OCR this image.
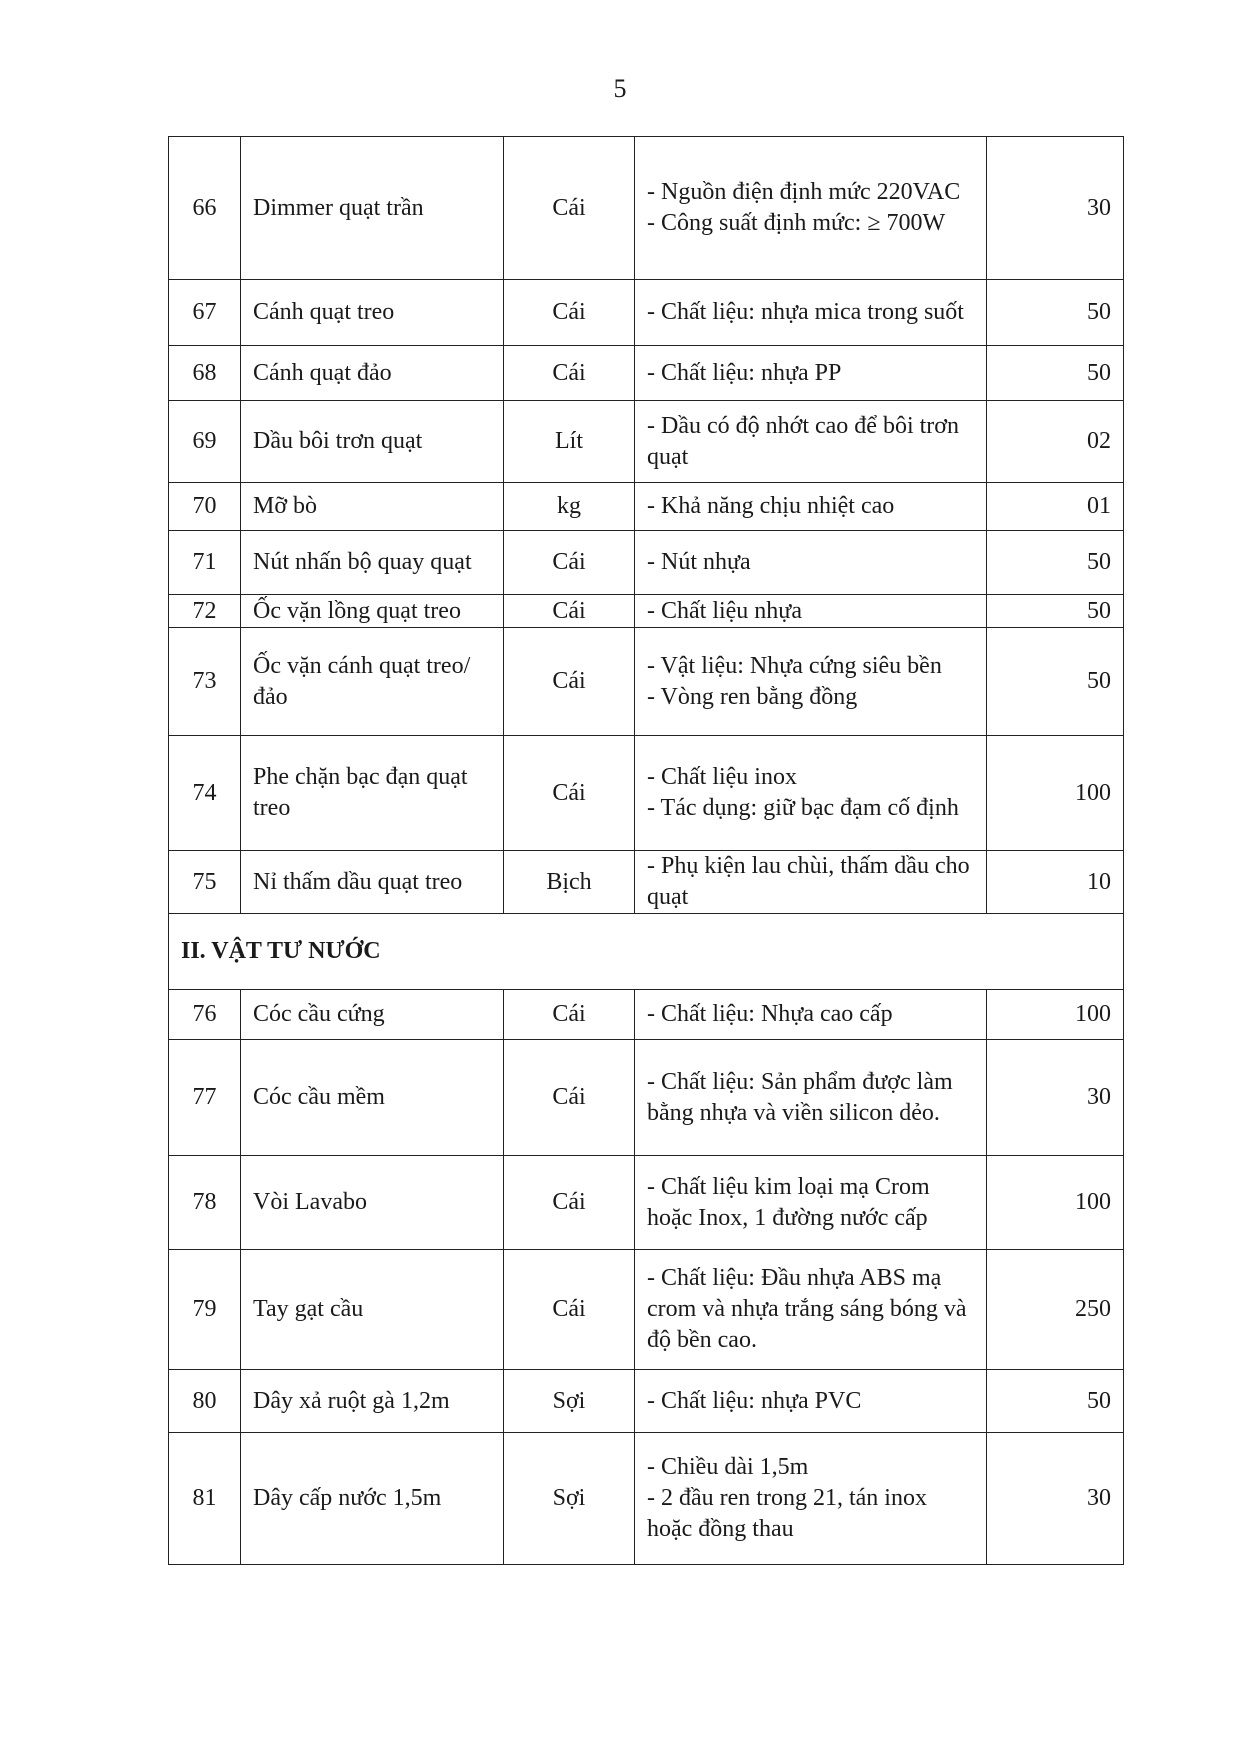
5
66	Dimmer quạt trần	Cái	- Nguồn điện định mức 220VAC
- Công suất định mức: ≥ 700W	30
67	Cánh quạt treo	Cái	- Chất liệu: nhựa mica trong suốt	50
68	Cánh quạt đảo	Cái	- Chất liệu: nhựa PP	50
69	Dầu bôi trơn quạt	Lít	- Dầu có độ nhớt cao để bôi trơn quạt	02
70	Mỡ bò	kg	- Khả năng chịu nhiệt cao	01
71	Nút nhấn bộ quay quạt	Cái	- Nút nhựa	50
72	Ốc vặn lồng quạt treo	Cái	- Chất liệu nhựa	50
73	Ốc vặn cánh quạt treo/đảo	Cái	- Vật liệu: Nhựa cứng siêu bền
- Vòng ren bằng đồng	50
74	Phe chặn bạc đạn quạt treo	Cái	- Chất liệu inox
- Tác dụng: giữ bạc đạm cố định	100
75	Nỉ thấm dầu quạt treo	Bịch	- Phụ kiện lau chùi, thấm dầu cho quạt	10
II. VẬT TƯ NƯỚC				
76	Cóc cầu cứng	Cái	- Chất liệu: Nhựa cao cấp	100
77	Cóc cầu mềm	Cái	- Chất liệu: Sản phẩm được làm bằng nhựa và viền silicon dẻo.	30
78	Vòi Lavabo	Cái	- Chất liệu kim loại mạ Crom hoặc Inox, 1 đường nước cấp	100
79	Tay gạt cầu	Cái	- Chất liệu: Đầu nhựa ABS mạ crom và nhựa trắng sáng bóng và độ bền cao.	250
80	Dây xả ruột gà 1,2m	Sợi	- Chất liệu: nhựa PVC	50
81	Dây cấp nước 1,5m	Sợi	- Chiều dài 1,5m
- 2 đầu ren trong 21, tán inox hoặc đồng thau	30
